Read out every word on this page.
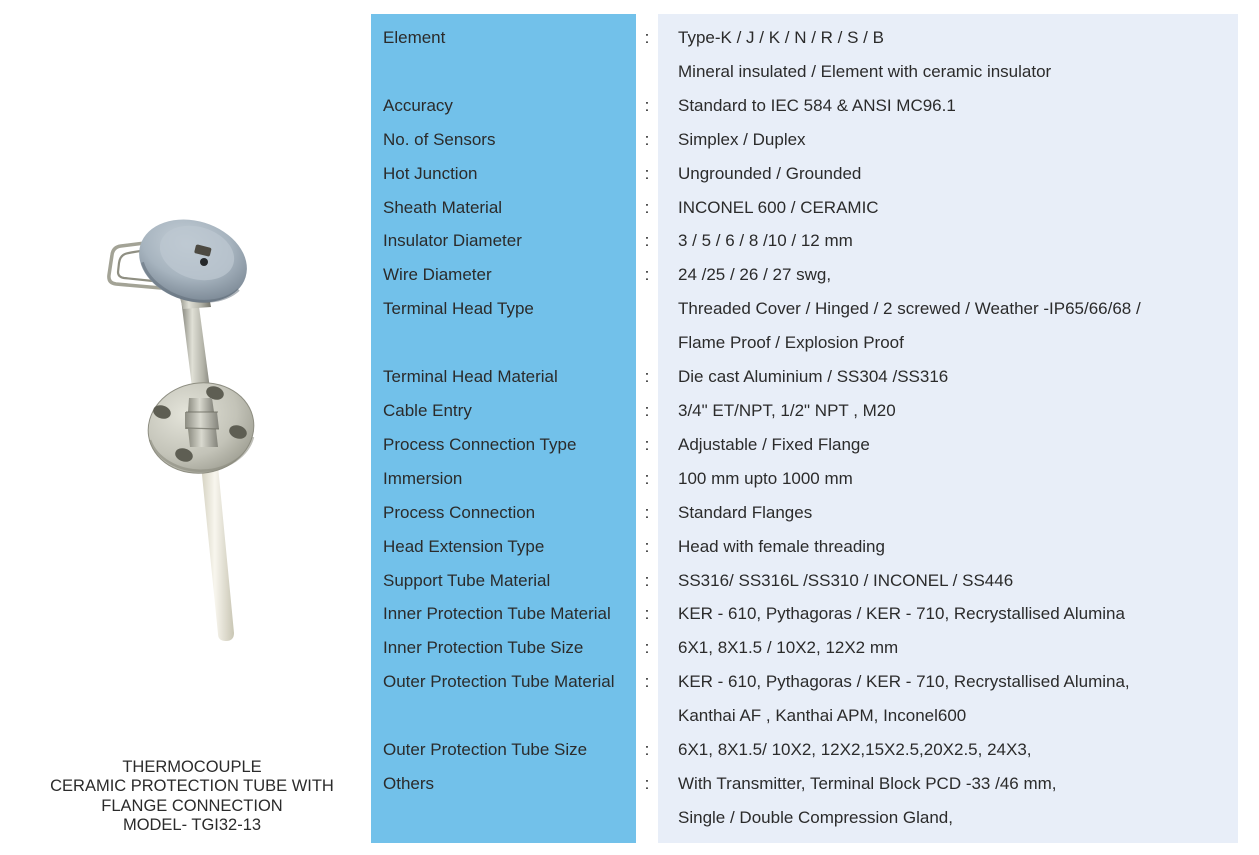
THERMOCOUPLE
CERAMIC PROTECTION TUBE WITH
FLANGE CONNECTION
MODEL- TGI32-13
Element	:	Type-K / J / K / N / R / S / B
Mineral insulated / Element with ceramic insulator
Accuracy	:	Standard to IEC 584 & ANSI MC96.1
No. of Sensors	:	Simplex / Duplex
Hot Junction	:	Ungrounded / Grounded
Sheath Material	:	INCONEL 600 / CERAMIC
Insulator Diameter	:	3 / 5 / 6 / 8 /10 / 12 mm
Wire Diameter	:	24 /25 / 26 / 27 swg,
Terminal Head Type	Threaded Cover / Hinged / 2 screwed / Weather -IP65/66/68 /
Flame Proof / Explosion Proof
Terminal Head Material	:	Die cast Aluminium / SS304 /SS316
Cable Entry	:	3/4" ET/NPT, 1/2" NPT , M20
Process Connection Type	:	Adjustable / Fixed Flange
Immersion	:	100 mm upto 1000 mm
Process Connection	:	Standard Flanges
Head Extension Type	:	Head with female threading
Support Tube Material	:	SS316/ SS316L /SS310 / INCONEL / SS446
Inner Protection Tube Material	:	KER - 610, Pythagoras / KER - 710, Recrystallised Alumina
Inner Protection Tube Size	:	6X1, 8X1.5 / 10X2, 12X2 mm
Outer Protection Tube Material	:	KER - 610, Pythagoras / KER - 710, Recrystallised Alumina,
Kanthai AF , Kanthai APM, Inconel600
Outer Protection Tube Size	:	6X1, 8X1.5/ 10X2, 12X2,15X2.5,20X2.5, 24X3,
Others	:	With Transmitter, Terminal Block PCD -33 /46 mm,
Single / Double Compression Gland,
